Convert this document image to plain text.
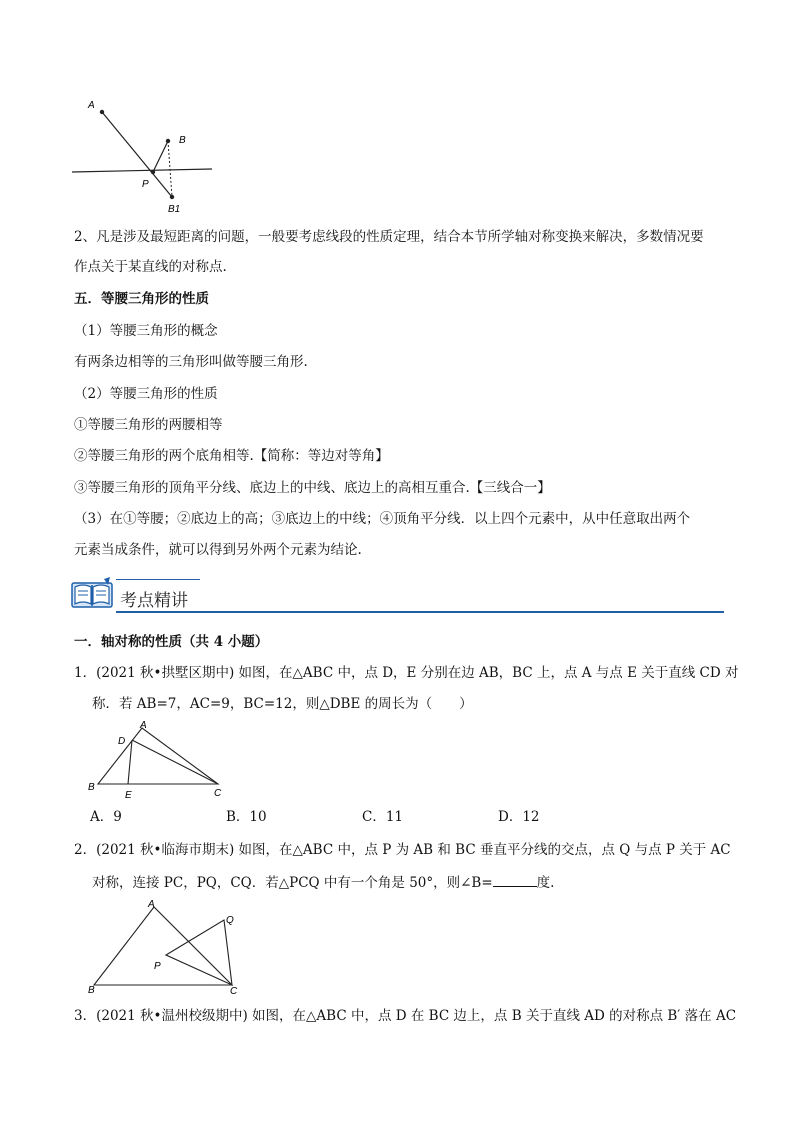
A
B
P
B1
2、凡是涉及最短距离的问题，一般要考虑线段的性质定理，结合本节所学轴对称变换来解决，多数情况要
作点关于某直线的对称点.
五．等腰三角形的性质
（1）等腰三角形的概念
有两条边相等的三角形叫做等腰三角形.
（2）等腰三角形的性质
①等腰三角形的两腰相等
②等腰三角形的两个底角相等.【简称：等边对等角】
③等腰三角形的顶角平分线、底边上的中线、底边上的高相互重合.【三线合一】
（3）在①等腰；②底边上的高；③底边上的中线；④顶角平分线．以上四个元素中，从中任意取出两个
元素当成条件，就可以得到另外两个元素为结论.
考点精讲
一．轴对称的性质（共 4 小题）
1．(2021 秋•拱墅区期中) 如图，在△ABC 中，点 D，E 分别在边 AB，BC 上，点 A 与点 E 关于直线 CD 对
称．若 AB=7，AC=9，BC=12，则△DBE 的周长为（　　）
A
D
B
E	C
A．9	B．10	C．11	D．12
2．(2021 秋•临海市期末) 如图，在△ABC 中，点 P 为 AB 和 BC 垂直平分线的交点，点 Q 与点 P 关于 AC
对称，连接 PC，PQ，CQ．若△PCQ 中有一个角是 50°，则∠B=	度.
A
Q
P
B	C
3．(2021 秋•温州校级期中) 如图，在△ABC 中，点 D 在 BC 边上，点 B 关于直线 AD 的对称点 B′ 落在 AC
